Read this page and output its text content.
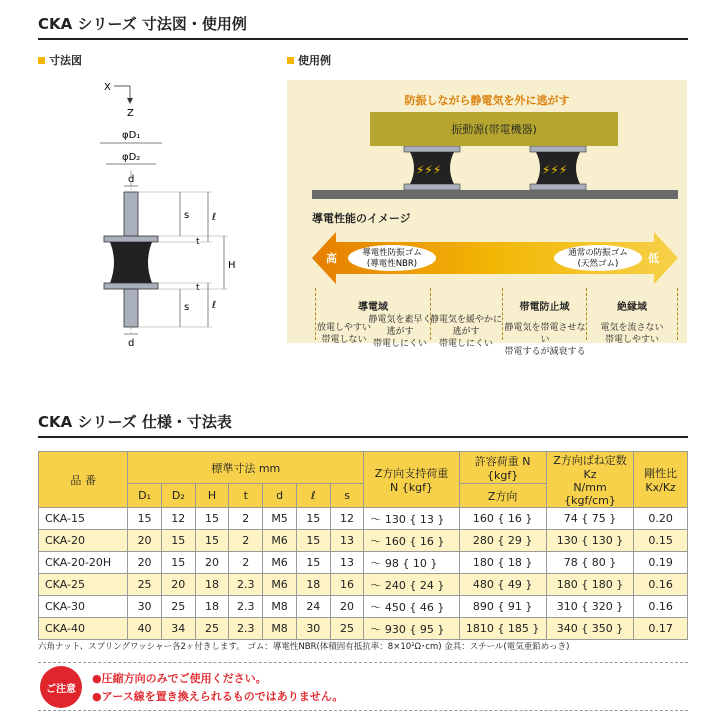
CKA シリーズ 寸法図・使用例
寸法図	使用例
X
Z
φD₁
φD₂
d
d
s ℓ
t
H
t
s ℓ
防振しながら静電気を外に逃がす
振動源(帯電機器)
⚡⚡⚡	⚡⚡⚡
導電性能のイメージ
高	低
導電性防振ゴム
(導電性NBR)
通常の防振ゴム
(天然ゴム)
導電域	帯電防止域	絶縁域
放電しやすい
帯電しない
静電気を素早く
逃がす
帯電しにくい
静電気を緩やかに
逃がす
帯電しにくい
静電気を帯電させない
帯電するが減衰する
電気を流さない
帯電しやすい
CKA シリーズ 仕様・寸法表
品 番	標準寸法 mm							Z方向支持荷重
N {kgf}	許容荷重 N {kgf}	Z方向ばね定数 Kz
N/mm {kgf/cm}	剛性比
Kx/Kz
	D₁	D₂	H	t	d	ℓ	s		Z方向		
CKA-15	15	12	15	2	M5	15	12	～ 130 { 13 }	160 { 16 }	74 { 75 }	0.20
CKA-20	20	15	15	2	M6	15	13	～ 160 { 16 }	280 { 29 }	130 { 130 }	0.15
CKA-20-20H	20	15	20	2	M6	15	13	～ 98 { 10 }	180 { 18 }	78 { 80 }	0.19
CKA-25	25	20	18	2.3	M6	18	16	～ 240 { 24 }	480 { 49 }	180 { 180 }	0.16
CKA-30	30	25	18	2.3	M8	24	20	～ 450 { 46 }	890 { 91 }	310 { 320 }	0.16
CKA-40	40	34	25	2.3	M8	30	25	～ 930 { 95 }	1810 { 185 }	340 { 350 }	0.17
六角ナット、スプリングワッシャー各2ヶ付きします。 ゴム：導電性NBR(体積固有抵抗率：8×10²Ω･cm) 金具：スチール(電気亜鉛めっき)
ご注意
●圧縮方向のみでご使用ください。
●アース線を置き換えられるものではありません。
